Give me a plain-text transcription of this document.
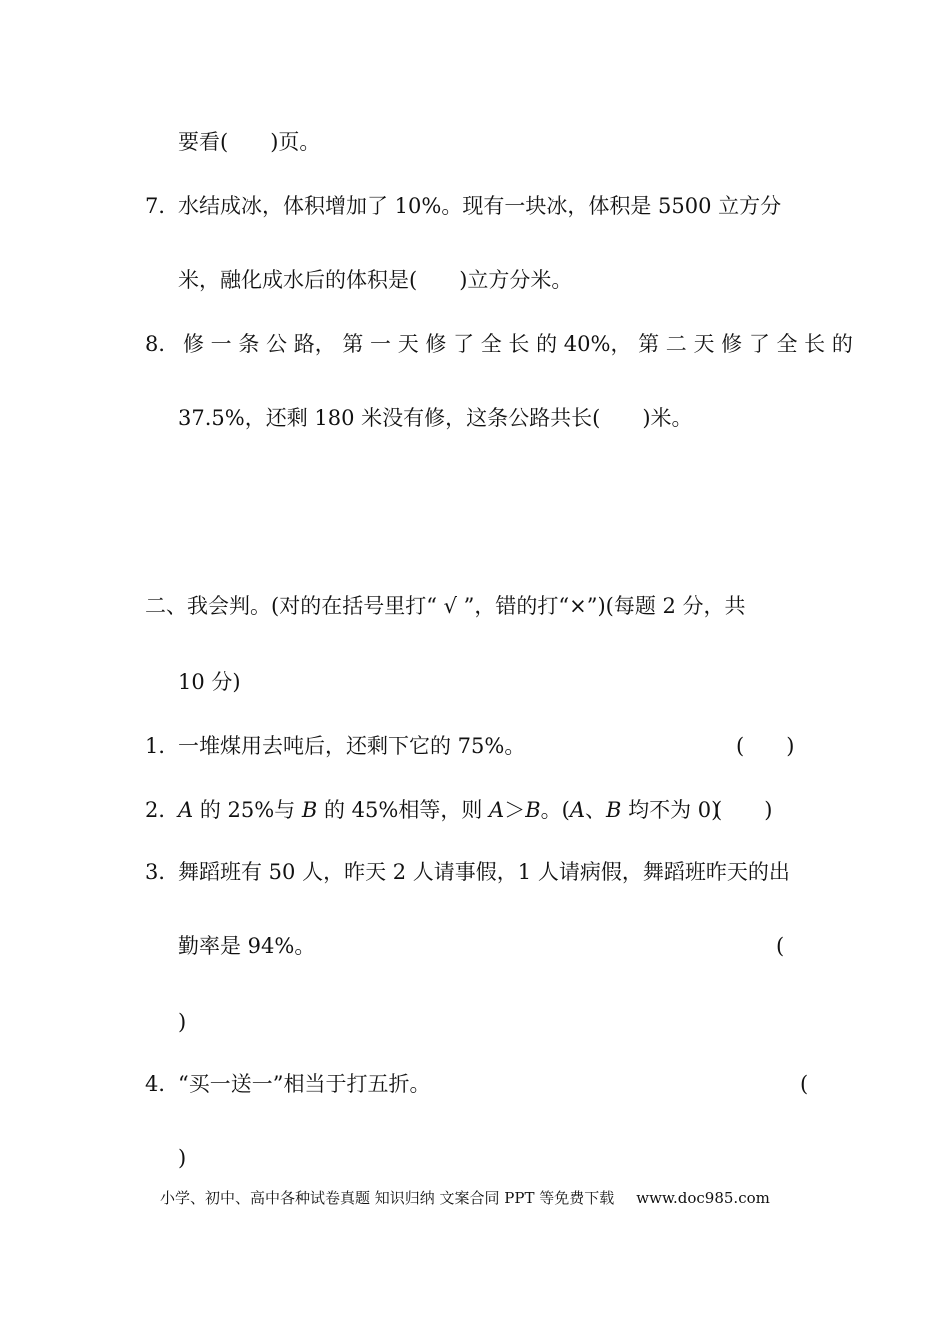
要看(　　)页。
7．
水结成冰，体积增加了 10%。现有一块冰，体积是 5500 立方分
米，融化成水后的体积是(　　)立方分米。
8． 修 一 条 公 路， 第 一 天 修 了 全 长 的 40%， 第 二 天 修 了 全 长 的
37.5%，还剩 180 米没有修，这条公路共长(　　)米。
二、我会判。(对的在括号里打“ √ ”，错的打“×”)(每题 2 分，共
10 分)
1．
一堆煤用去吨后，还剩下它的 75%。	(　　)
2．
A 的 25%与 B 的 45%相等，则 A＞B。(A、B 均不为 0)
(　　)
3．
舞蹈班有 50 人，昨天 2 人请事假，1 人请病假，舞蹈班昨天的出
勤率是 94%。	(
)
4．
“买一送一”相当于打五折。	(
)
小学、初中、高中各种试卷真题 知识归纳 文案合同 PPT 等免费下载 www.doc985.com
